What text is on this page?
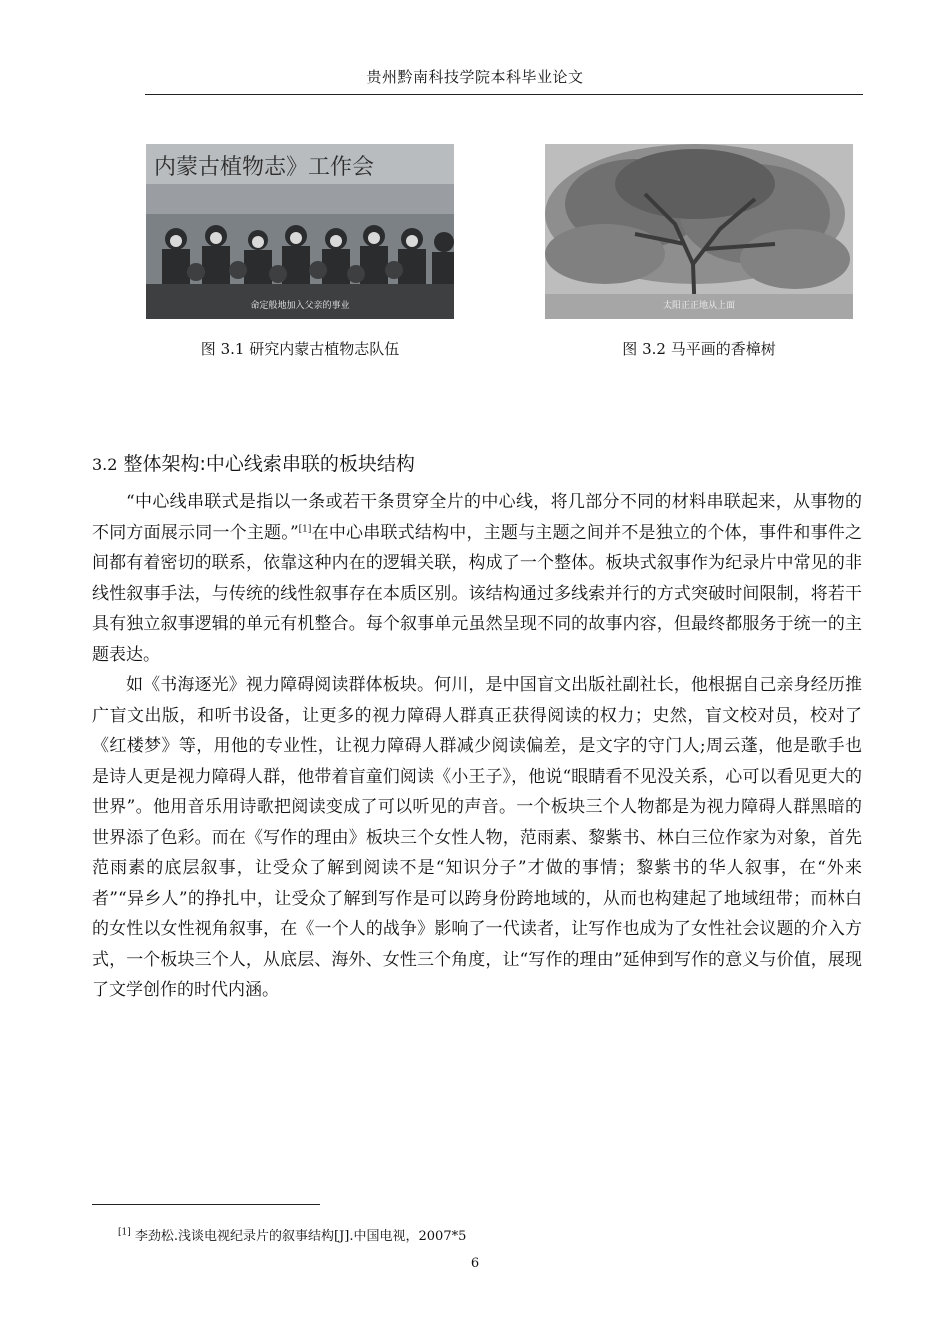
贵州黔南科技学院本科毕业论文
内蒙古植物志》工作会
命定般地加入父亲的事业
图 3.1 研究内蒙古植物志队伍
太阳正正地从上面
图 3.2 马平画的香樟树
3.2 整体架构:中心线索串联的板块结构

“中心线串联式是指以一条或若干条贯穿全片的中心线，将几部分不同的材料串联起来，从事物的不同方面展示同一个主题。”[1]在中心串联式结构中，主题与主题之间并不是独立的个体，事件和事件之间都有着密切的联系，依靠这种内在的逻辑关联，构成了一个整体。板块式叙事作为纪录片中常见的非线性叙事手法，与传统的线性叙事存在本质区别。该结构通过多线索并行的方式突破时间限制，将若干具有独立叙事逻辑的单元有机整合。每个叙事单元虽然呈现不同的故事内容，但最终都服务于统一的主题表达。

如《书海逐光》视力障碍阅读群体板块。何川，是中国盲文出版社副社长，他根据自己亲身经历推广盲文出版，和听书设备，让更多的视力障碍人群真正获得阅读的权力；史然，盲文校对员，校对了《红楼梦》等，用他的专业性，让视力障碍人群减少阅读偏差，是文字的守门人;周云蓬，他是歌手也是诗人更是视力障碍人群，他带着盲童们阅读《小王子》，他说“眼睛看不见没关系，心可以看见更大的世界”。他用音乐用诗歌把阅读变成了可以听见的声音。一个板块三个人物都是为视力障碍人群黑暗的世界添了色彩。而在《写作的理由》板块三个女性人物，范雨素、黎紫书、林白三位作家为对象，首先范雨素的底层叙事，让受众了解到阅读不是“知识分子”才做的事情；黎紫书的华人叙事，在“外来者”“异乡人”的挣扎中，让受众了解到写作是可以跨身份跨地域的，从而也构建起了地域纽带；而林白的女性以女性视角叙事，在《一个人的战争》影响了一代读者，让写作也成为了女性社会议题的介入方式，一个板块三个人，从底层、海外、女性三个角度，让“写作的理由”延伸到写作的意义与价值，展现了文学创作的时代内涵。

[1] 李劲松.浅谈电视纪录片的叙事结构[J].中国电视，2007*5
6
